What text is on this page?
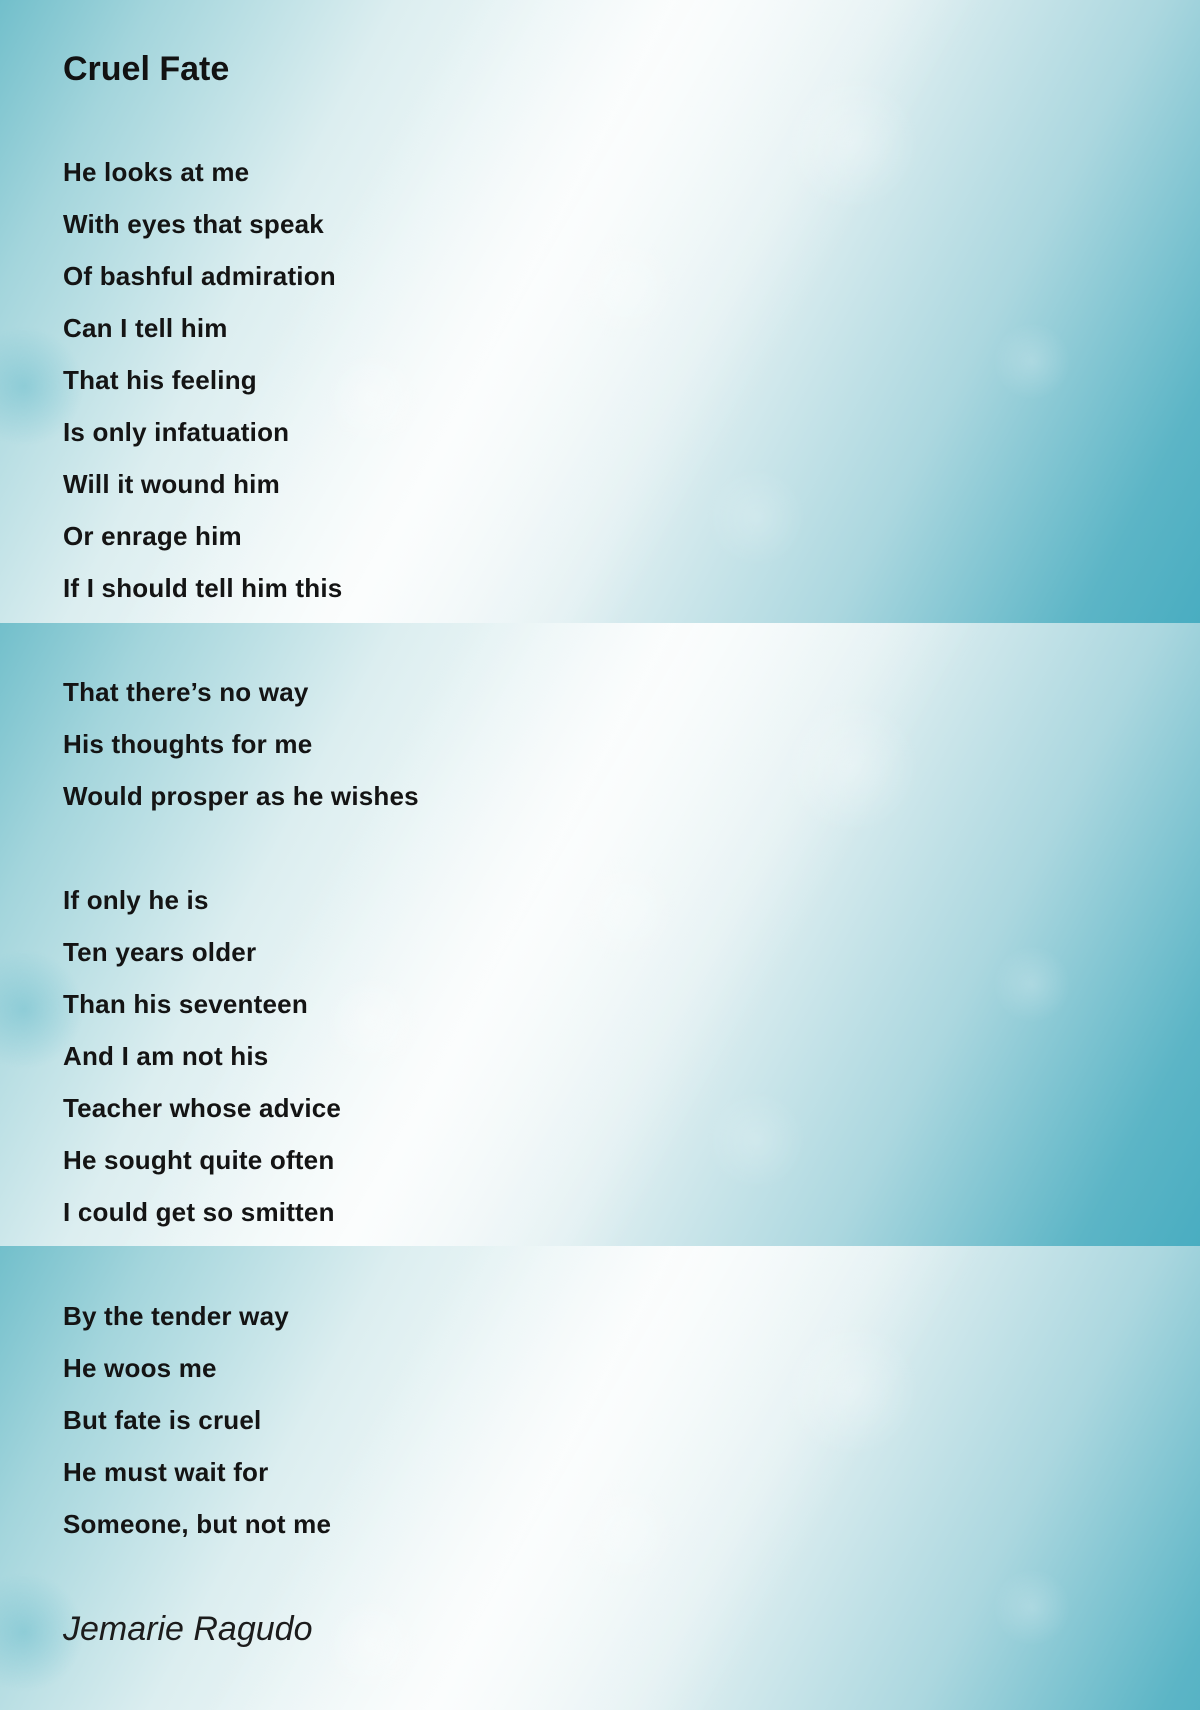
Cruel Fate

He looks at me

With eyes that speak

Of bashful admiration

Can I tell him

That his feeling

Is only infatuation

Will it wound him

Or enrage him

If I should tell him this

That there’s no way

His thoughts for me

Would prosper as he wishes

If only he is

Ten years older

Than his seventeen

And I am not his

Teacher whose advice

He sought quite often

I could get so smitten

By the tender way

He woos me

But fate is cruel

He must wait for

Someone, but not me

Jemarie Ragudo
